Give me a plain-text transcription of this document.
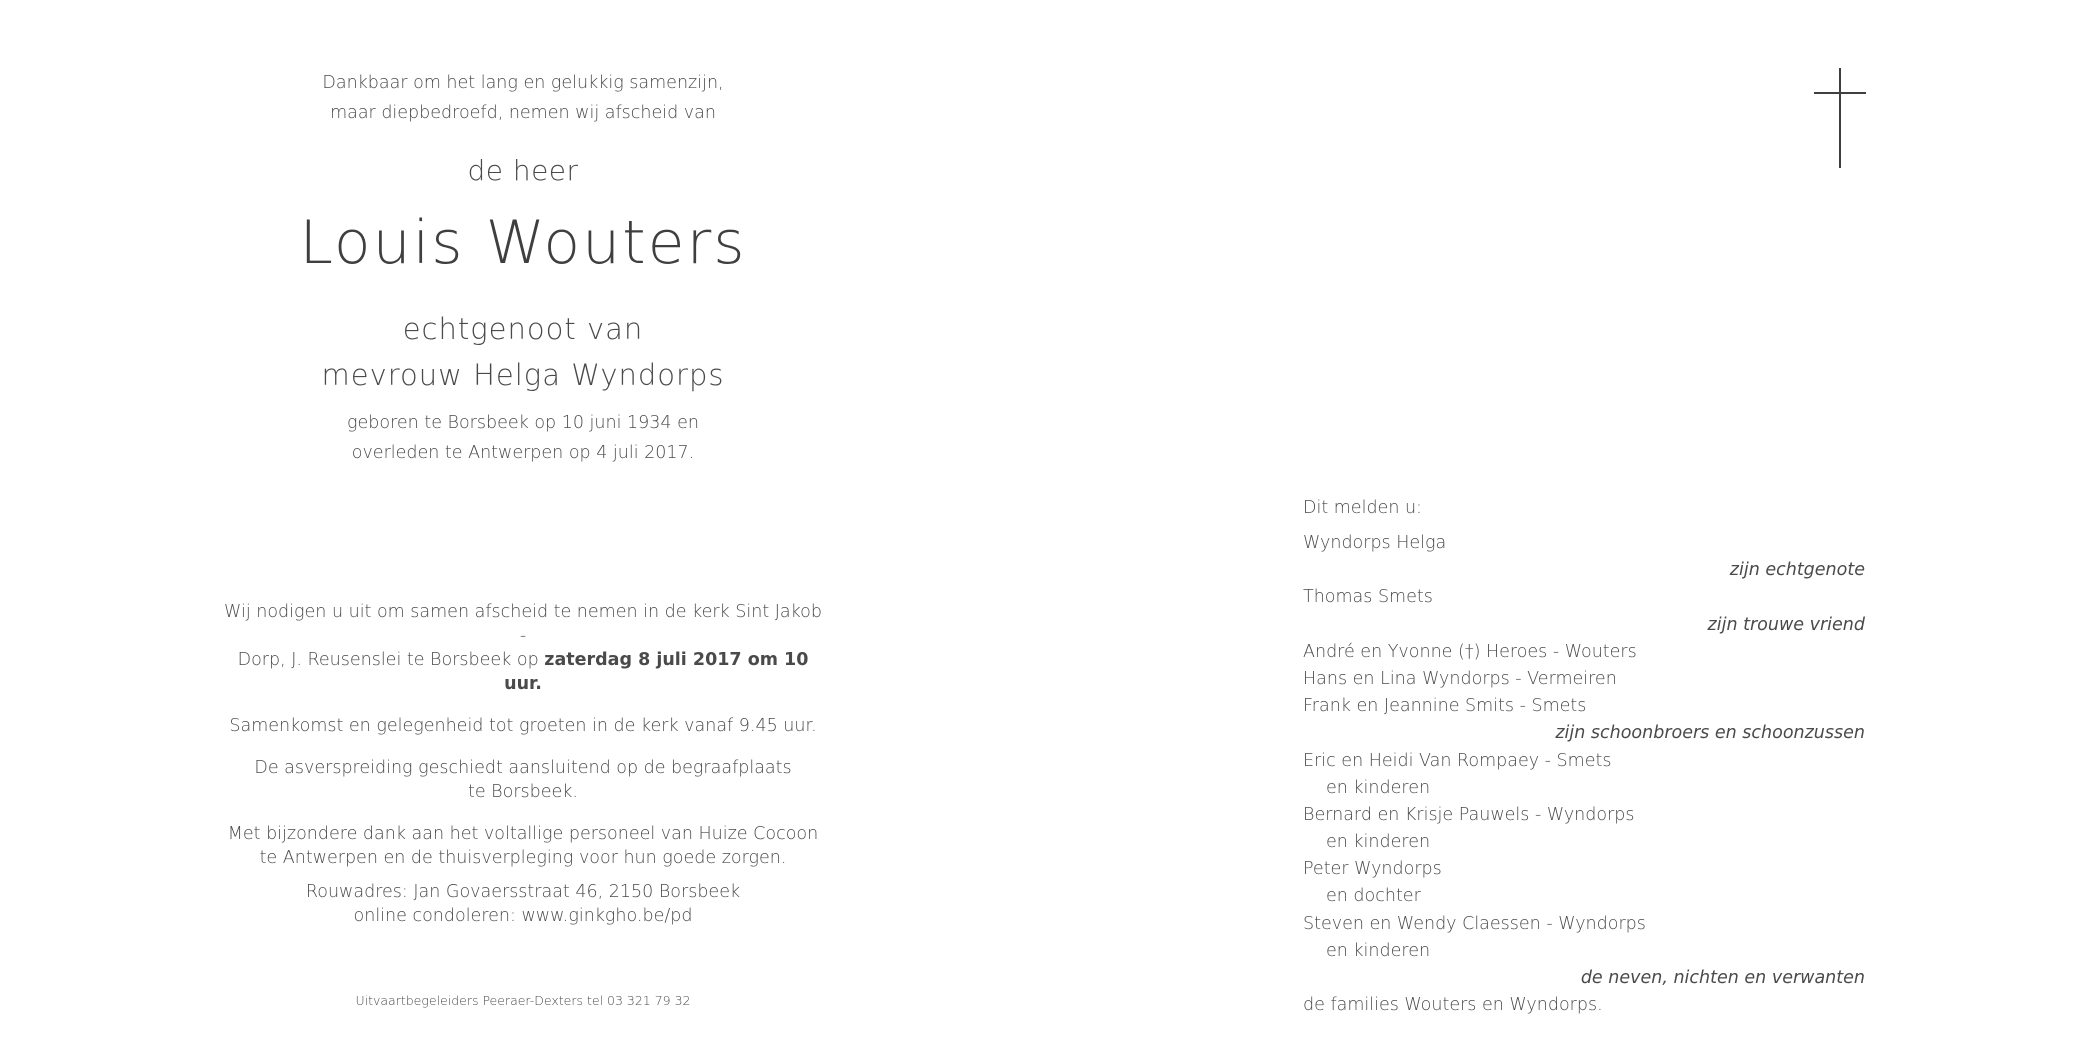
Dankbaar om het lang en gelukkig samenzijn,
maar diepbedroefd, nemen wij afscheid van
de heer
Louis Wouters
echtgenoot van
mevrouw Helga Wyndorps
geboren te Borsbeek op 10 juni 1934 en
overleden te Antwerpen op 4 juli 2017.

Wij nodigen u uit om samen afscheid te nemen in de kerk Sint Jakob -
Dorp, J. Reusenslei te Borsbeek op zaterdag 8 juli 2017 om 10 uur.

Samenkomst en gelegenheid tot groeten in de kerk vanaf 9.45 uur.

De asverspreiding geschiedt aansluitend op de begraafplaats
te Borsbeek.

Met bijzondere dank aan het voltallige personeel van Huize Cocoon
te Antwerpen en de thuisverpleging voor hun goede zorgen.

Rouwadres: Jan Govaersstraat 46, 2150 Borsbeek
online condoleren: www.ginkgho.be/pd
Uitvaartbegeleiders Peeraer-Dexters tel 03 321 79 32
Dit melden u:
Wyndorps Helga
zijn echtgenote
Thomas Smets
zijn trouwe vriend
André en Yvonne (†) Heroes - Wouters
Hans en Lina Wyndorps - Vermeiren
Frank en Jeannine Smits - Smets
zijn schoonbroers en schoonzussen
Eric en Heidi Van Rompaey - Smets
en kinderen
Bernard en Krisje Pauwels - Wyndorps
en kinderen
Peter Wyndorps
en dochter
Steven en Wendy Claessen - Wyndorps
en kinderen
de neven, nichten en verwanten
de families Wouters en Wyndorps.
